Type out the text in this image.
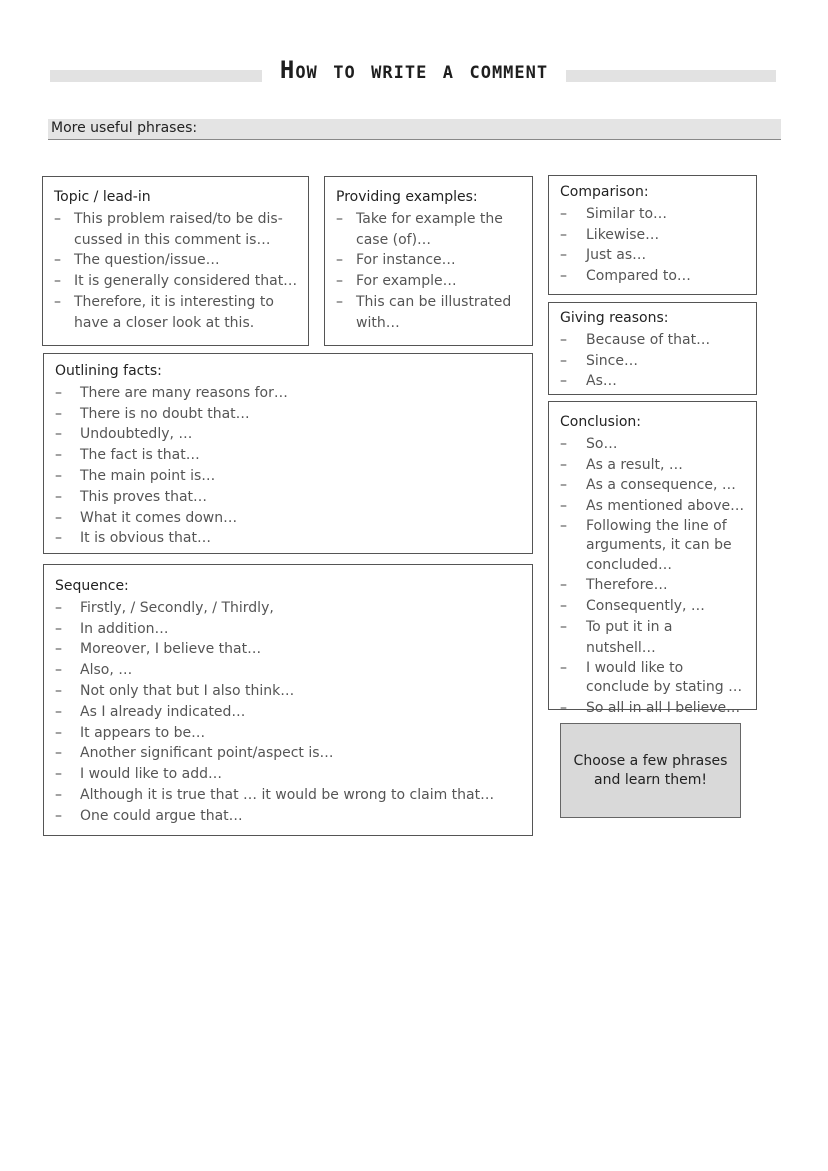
How to write a comment
More useful phrases:
Topic / lead-in
– This problem raised/to be dis-cussed in this comment is…
– The question/issue…
– It is generally considered that…
– Therefore, it is interesting to have a closer look at this.
Providing examples:
– Take for example the case (of)…
– For instance…
– For example…
– This can be illustrated with…
Comparison:
– Similar to…
– Likewise…
– Just as…
– Compared to…
Giving reasons:
– Because of that…
– Since…
– As…
Outlining facts:
– There are many reasons for…
– There is no doubt that…
– Undoubtedly, …
– The fact is that…
– The main point is…
– This proves that…
– What it comes down…
– It is obvious that…
Conclusion:
– So…
– As a result, …
– As a consequence, …
– As mentioned above…
– Following the line of arguments, it can be concluded…
– Therefore…
– Consequently, …
– To put it in a nutshell…
– I would like to conclude by stating …
– So all in all I believe…
Sequence:
– Firstly, / Secondly, / Thirdly,
– In addition…
– Moreover, I believe that…
– Also, …
– Not only that but I also think…
– As I already indicated…
– It appears to be…
– Another significant point/aspect is…
– I would like to add…
– Although it is true that … it would be wrong to claim that…
– One could argue that…
Choose a few phrases and learn them!
